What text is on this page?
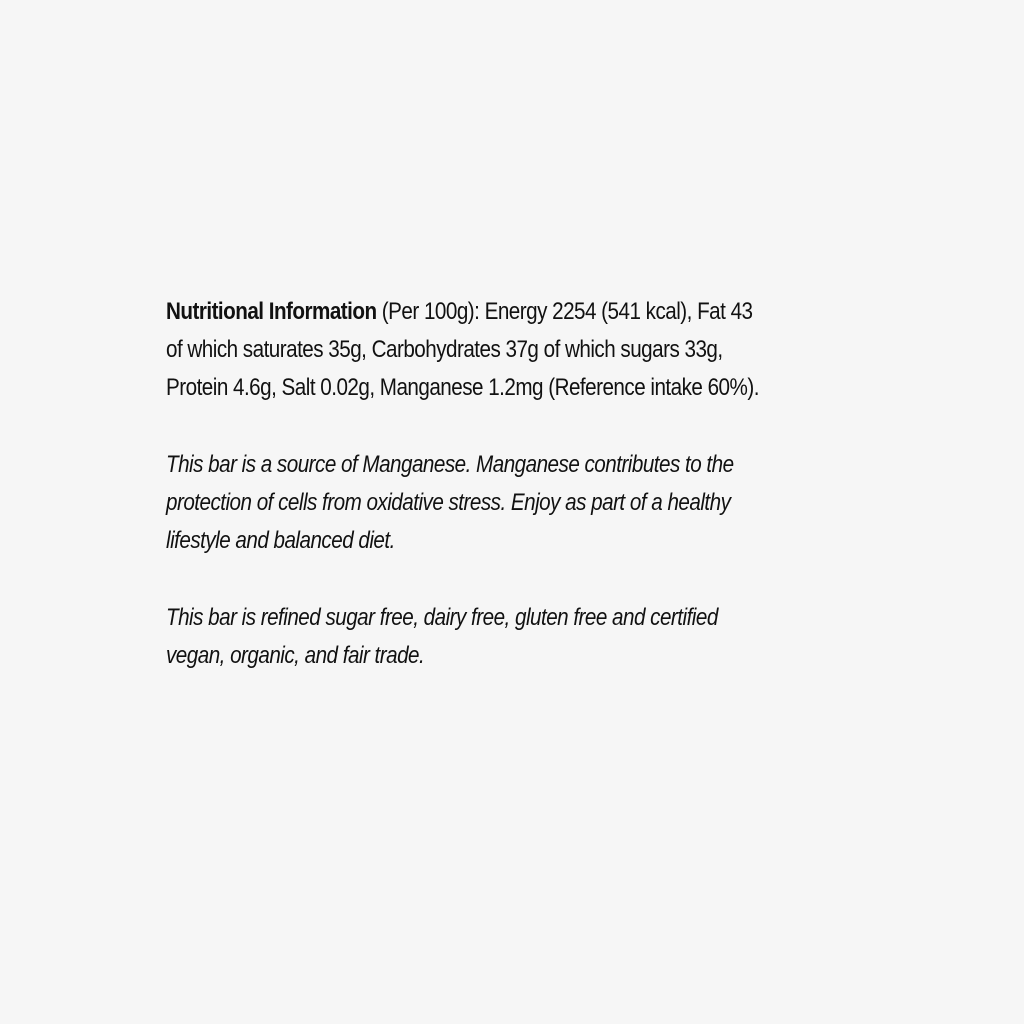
Nutritional Information (Per 100g): Energy 2254 (541 kcal), Fat 43 of which saturates 35g, Carbohydrates 37g of which sugars 33g, Protein 4.6g, Salt 0.02g, Manganese 1.2mg (Reference intake 60%).

This bar is a source of Manganese. Manganese contributes to the protection of cells from oxidative stress. Enjoy as part of a healthy lifestyle and balanced diet.

This bar is refined sugar free, dairy free, gluten free and certified vegan, organic, and fair trade.
